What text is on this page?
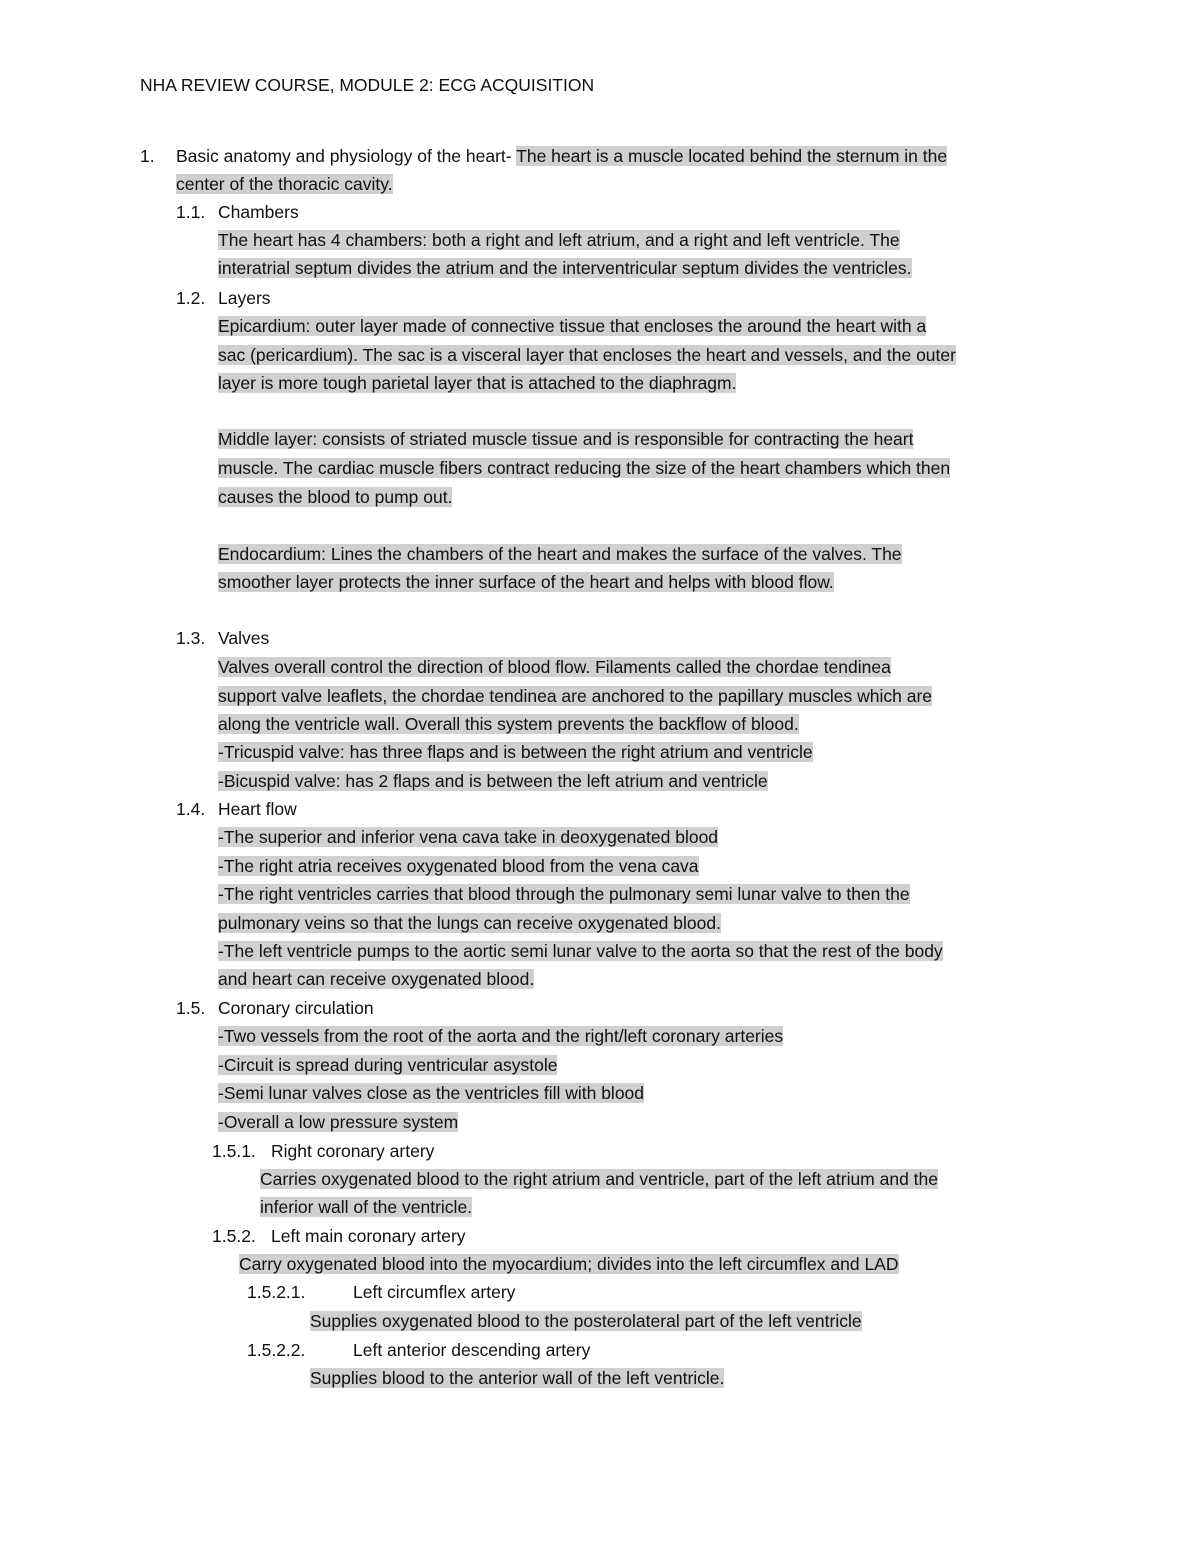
NHA REVIEW COURSE, MODULE 2: ECG ACQUISITION
1. Basic anatomy and physiology of the heart- The heart is a muscle located behind the sternum in the
center of the thoracic cavity.
1.1. Chambers
The heart has 4 chambers: both a right and left atrium, and a right and left ventricle. The
interatrial septum divides the atrium and the interventricular septum divides the ventricles.
1.2. Layers
Epicardium: outer layer made of connective tissue that encloses the around the heart with a
sac (pericardium). The sac is a visceral layer that encloses the heart and vessels, and the outer
layer is more tough parietal layer that is attached to the diaphragm.
Middle layer: consists of striated muscle tissue and is responsible for contracting the heart
muscle. The cardiac muscle fibers contract reducing the size of the heart chambers which then
causes the blood to pump out.
Endocardium: Lines the chambers of the heart and makes the surface of the valves. The
smoother layer protects the inner surface of the heart and helps with blood flow.
1.3. Valves
Valves overall control the direction of blood flow. Filaments called the chordae tendinea
support valve leaflets, the chordae tendinea are anchored to the papillary muscles which are
along the ventricle wall. Overall this system prevents the backflow of blood.
-Tricuspid valve: has three flaps and is between the right atrium and ventricle
-Bicuspid valve: has 2 flaps and is between the left atrium and ventricle
1.4. Heart flow
-The superior and inferior vena cava take in deoxygenated blood
-The right atria receives oxygenated blood from the vena cava
-The right ventricles carries that blood through the pulmonary semi lunar valve to then the
pulmonary veins so that the lungs can receive oxygenated blood.
-The left ventricle pumps to the aortic semi lunar valve to the aorta so that the rest of the body
and heart can receive oxygenated blood.
1.5. Coronary circulation
-Two vessels from the root of the aorta and the right/left coronary arteries
-Circuit is spread during ventricular asystole
-Semi lunar valves close as the ventricles fill with blood
-Overall a low pressure system
1.5.1. Right coronary artery
Carries oxygenated blood to the right atrium and ventricle, part of the left atrium and the
inferior wall of the ventricle.
1.5.2. Left main coronary artery
Carry oxygenated blood into the myocardium; divides into the left circumflex and LAD
1.5.2.1.	Left circumflex artery
Supplies oxygenated blood to the posterolateral part of the left ventricle
1.5.2.2.	Left anterior descending artery
Supplies blood to the anterior wall of the left ventricle.
